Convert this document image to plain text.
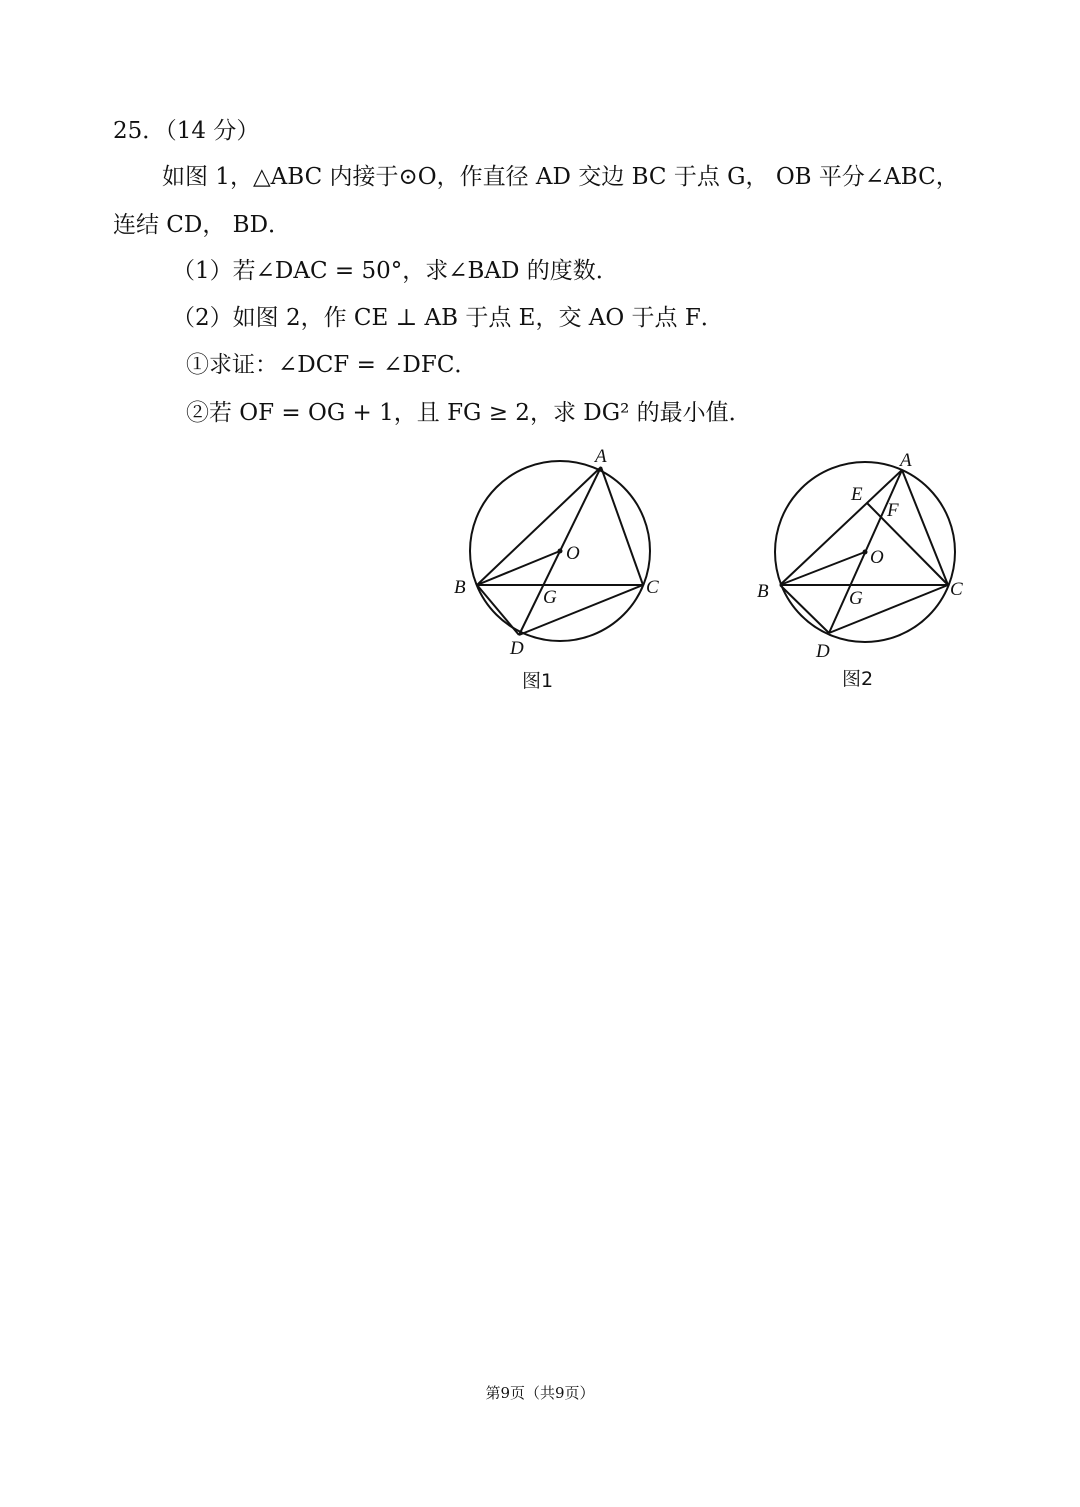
25．（14 分）
如图 1，△ABC 内接于⊙O，作直径 AD 交边 BC 于点 G， OB 平分∠ABC，
连结 CD， BD．
（1）若∠DAC = 50°，求∠BAD 的度数．
（2）如图 2，作 CE ⊥ AB 于点 E，交 AO 于点 F．
①求证：∠DCF = ∠DFC．
②若 OF = OG + 1，且 FG ≥ 2，求 DG² 的最小值．
A
B	C
D
O
G
图1
A
B	C
D
O
G
E
F
图2
第9页（共9页）
